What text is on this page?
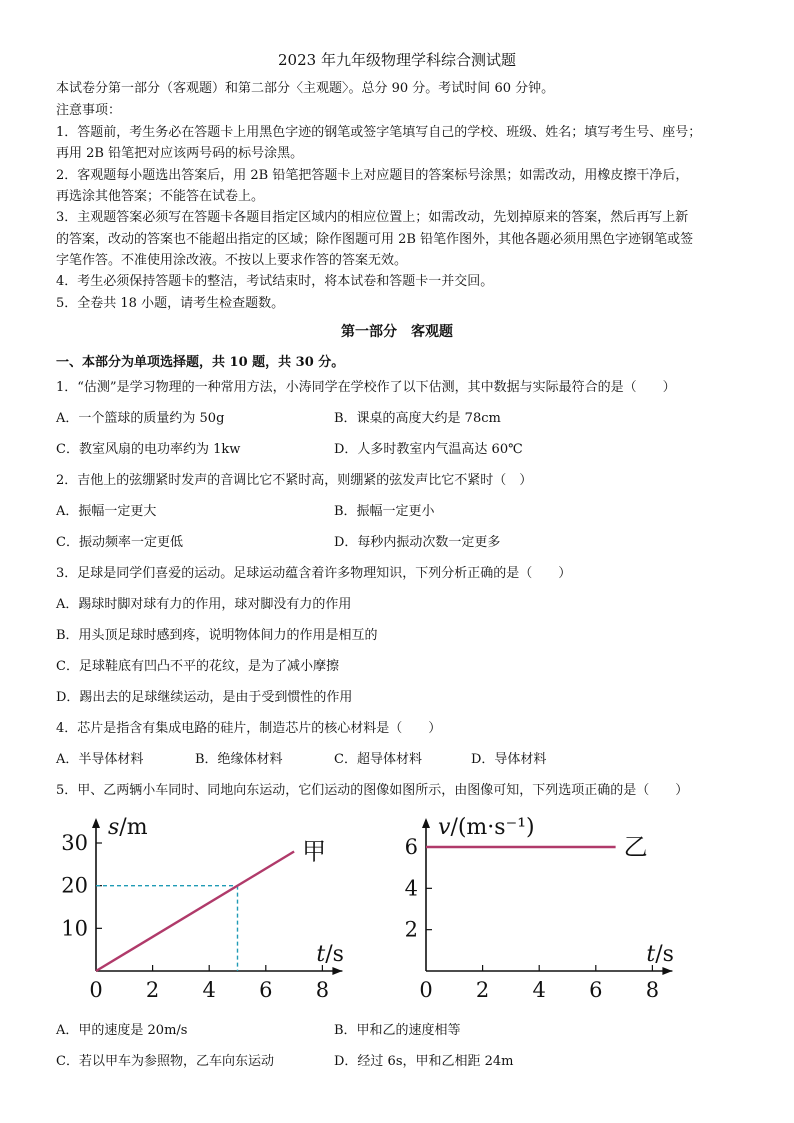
2023 年九年级物理学科综合测试题
本试卷分第一部分（客观题）和第二部分〈主观题〉。总分 90 分。考试时间 60 分钟。
注意事项：
1．答题前，考生务必在答题卡上用黑色字迹的钢笔或签字笔填写自己的学校、班级、姓名；填写考生号、座号；
再用 2B 铅笔把对应该两号码的标号涂黑。
2．客观题每小题选出答案后，用 2B 铅笔把答题卡上对应题目的答案标号涂黑；如需改动，用橡皮擦干净后，
再选涂其他答案；不能答在试卷上。
3．主观题答案必须写在答题卡各题目指定区域内的相应位置上；如需改动，先划掉原来的答案，然后再写上新
的答案，改动的答案也不能超出指定的区域；除作图题可用 2B 铅笔作图外，其他各题必须用黑色字迹钢笔或签
字笔作答。不准使用涂改液。不按以上要求作答的答案无效。
4．考生必须保持答题卡的整洁，考试结束时，将本试卷和答题卡一并交回。
5．全卷共 18 小题，请考生检查题数。
第一部分　客观题
一、本部分为单项选择题，共 10 题，共 30 分。
1．“估测”是学习物理的一种常用方法，小涛同学在学校作了以下估测，其中数据与实际最符合的是（　　）
A．一个篮球的质量约为 50g	B．课桌的高度大约是 78cm
C．教室风扇的电功率约为 1kw	D．人多时教室内气温高达 60℃
2．吉他上的弦绷紧时发声的音调比它不紧时高，则绷紧的弦发声比它不紧时（　）
A．振幅一定更大	B．振幅一定更小
C．振动频率一定更低	D．每秒内振动次数一定更多
3．足球是同学们喜爱的运动。足球运动蕴含着许多物理知识，下列分析正确的是（　　）
A．踢球时脚对球有力的作用，球对脚没有力的作用
B．用头顶足球时感到疼，说明物体间力的作用是相互的
C．足球鞋底有凹凸不平的花纹，是为了减小摩擦
D．踢出去的足球继续运动，是由于受到惯性的作用
4．芯片是指含有集成电路的硅片，制造芯片的核心材料是（　　）
A．半导体材料	B．绝缘体材料	C．超导体材料	D．导体材料
5．甲、乙两辆小车同时、同地向东运动，它们运动的图像如图所示，由图像可知，下列选项正确的是（　　）
0 2 4 6 8
10
20
30
s/m
t/s
甲
0 2 4 6 8
2
4
6
v/(m·s⁻¹)
t/s
乙
A．甲的速度是 20m/s	B．甲和乙的速度相等
C．若以甲车为参照物，乙车向东运动	D．经过 6s，甲和乙相距 24m
